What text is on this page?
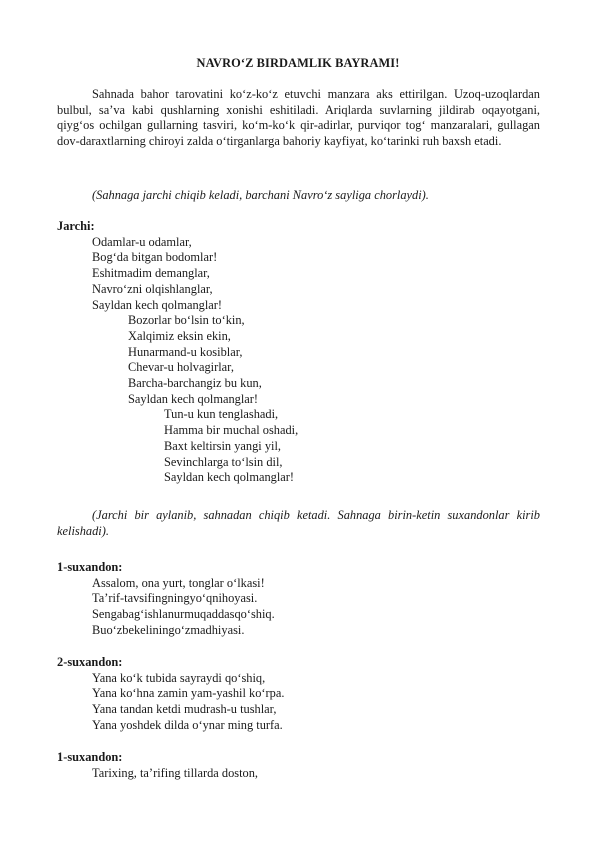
NAVRO‘Z BIRDAMLIK BAYRAMI!
Sahnada bahor tarovatini ko‘z-ko‘z etuvchi manzara aks ettirilgan. Uzoq-uzoqlardan bulbul, sa’va kabi qushlarning xonishi eshitiladi. Ariqlarda suvlarning jildirab oqayotgani, qiyg‘os ochilgan gullarning tasviri, ko‘m-ko‘k qir-adirlar, purviqor tog‘ manzaralari, gullagan dov-daraxtlarning chiroyi zalda o‘tirganlarga bahoriy kayfiyat, ko‘tarinki ruh baxsh etadi.
(Sahnaga jarchi chiqib keladi, barchani Navro‘z sayliga chorlaydi).
Jarchi:
Odamlar-u odamlar,
Bog‘da bitgan bodomlar!
Eshitmadim demanglar,
Navro‘zni olqishlanglar,
Sayldan kech qolmanglar!
Bozorlar bo‘lsin to‘kin,
Xalqimiz eksin ekin,
Hunarmand-u kosiblar,
Chevar-u holvagirlar,
Barcha-barchangiz bu kun,
Sayldan kech qolmanglar!
Tun-u kun tenglashadi,
Hamma bir muchal oshadi,
Baxt keltirsin yangi yil,
Sevinchlarga to‘lsin dil,
Sayldan kech qolmanglar!
(Jarchi bir aylanib, sahnadan chiqib ketadi. Sahnaga birin-ketin suxandonlar kirib kelishadi).
1-suxandon:
Assalom, ona yurt, tonglar o‘lkasi!
Ta’rif-tavsifingningyo‘qnihoyasi.
Sengabag‘ishlanurmuqaddasqo‘shiq.
Buo‘zbekeliningo‘zmadhiyasi.
2-suxandon:
Yana ko‘k tubida sayraydi qo‘shiq,
Yana ko‘hna zamin yam-yashil ko‘rpa.
Yana tandan ketdi mudrash-u tushlar,
Yana yoshdek dilda o‘ynar ming turfa.
1-suxandon:
Tarixing, ta’rifing tillarda doston,
